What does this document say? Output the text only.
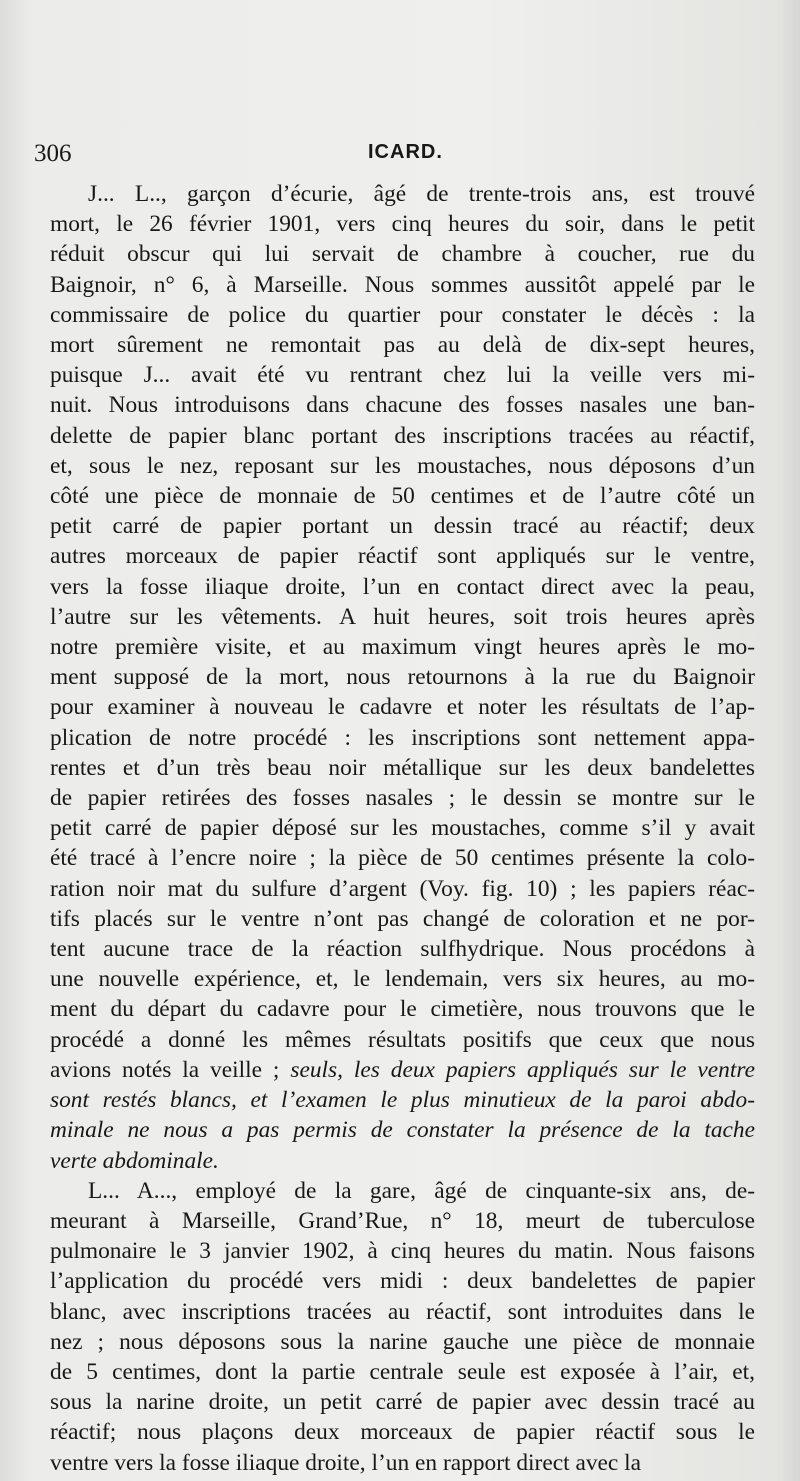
306	ICARD.
J... L.., garçon d’écurie, âgé de trente-trois ans, est trouvé
mort, le 26 février 1901, vers cinq heures du soir, dans le petit
réduit obscur qui lui servait de chambre à coucher, rue du
Baignoir, n° 6, à Marseille. Nous sommes aussitôt appelé par le
commissaire de police du quartier pour constater le décès : la
mort sûrement ne remontait pas au delà de dix-sept heures,
puisque J... avait été vu rentrant chez lui la veille vers mi-
nuit. Nous introduisons dans chacune des fosses nasales une ban-
delette de papier blanc portant des inscriptions tracées au réactif,
et, sous le nez, reposant sur les moustaches, nous déposons d’un
côté une pièce de monnaie de 50 centimes et de l’autre côté un
petit carré de papier portant un dessin tracé au réactif; deux
autres morceaux de papier réactif sont appliqués sur le ventre,
vers la fosse iliaque droite, l’un en contact direct avec la peau,
l’autre sur les vêtements. A huit heures, soit trois heures après
notre première visite, et au maximum vingt heures après le mo-
ment supposé de la mort, nous retournons à la rue du Baignoir
pour examiner à nouveau le cadavre et noter les résultats de l’ap-
plication de notre procédé : les inscriptions sont nettement appa-
rentes et d’un très beau noir métallique sur les deux bandelettes
de papier retirées des fosses nasales ; le dessin se montre sur le
petit carré de papier déposé sur les moustaches, comme s’il y avait
été tracé à l’encre noire ; la pièce de 50 centimes présente la colo-
ration noir mat du sulfure d’argent (Voy. fig. 10) ; les papiers réac-
tifs placés sur le ventre n’ont pas changé de coloration et ne por-
tent aucune trace de la réaction sulfhydrique. Nous procédons à
une nouvelle expérience, et, le lendemain, vers six heures, au mo-
ment du départ du cadavre pour le cimetière, nous trouvons que le
procédé a donné les mêmes résultats positifs que ceux que nous
avions notés la veille ; seuls, les deux papiers appliqués sur le ventre
sont restés blancs, et l’examen le plus minutieux de la paroi abdo-
minale ne nous a pas permis de constater la présence de la tache
verte abdominale.
L... A..., employé de la gare, âgé de cinquante-six ans, de-
meurant à Marseille, Grand’Rue, n° 18, meurt de tuberculose
pulmonaire le 3 janvier 1902, à cinq heures du matin. Nous faisons
l’application du procédé vers midi : deux bandelettes de papier
blanc, avec inscriptions tracées au réactif, sont introduites dans le
nez ; nous déposons sous la narine gauche une pièce de monnaie
de 5 centimes, dont la partie centrale seule est exposée à l’air, et,
sous la narine droite, un petit carré de papier avec dessin tracé au
réactif; nous plaçons deux morceaux de papier réactif sous le
ventre vers la fosse iliaque droite, l’un en rapport direct avec la
